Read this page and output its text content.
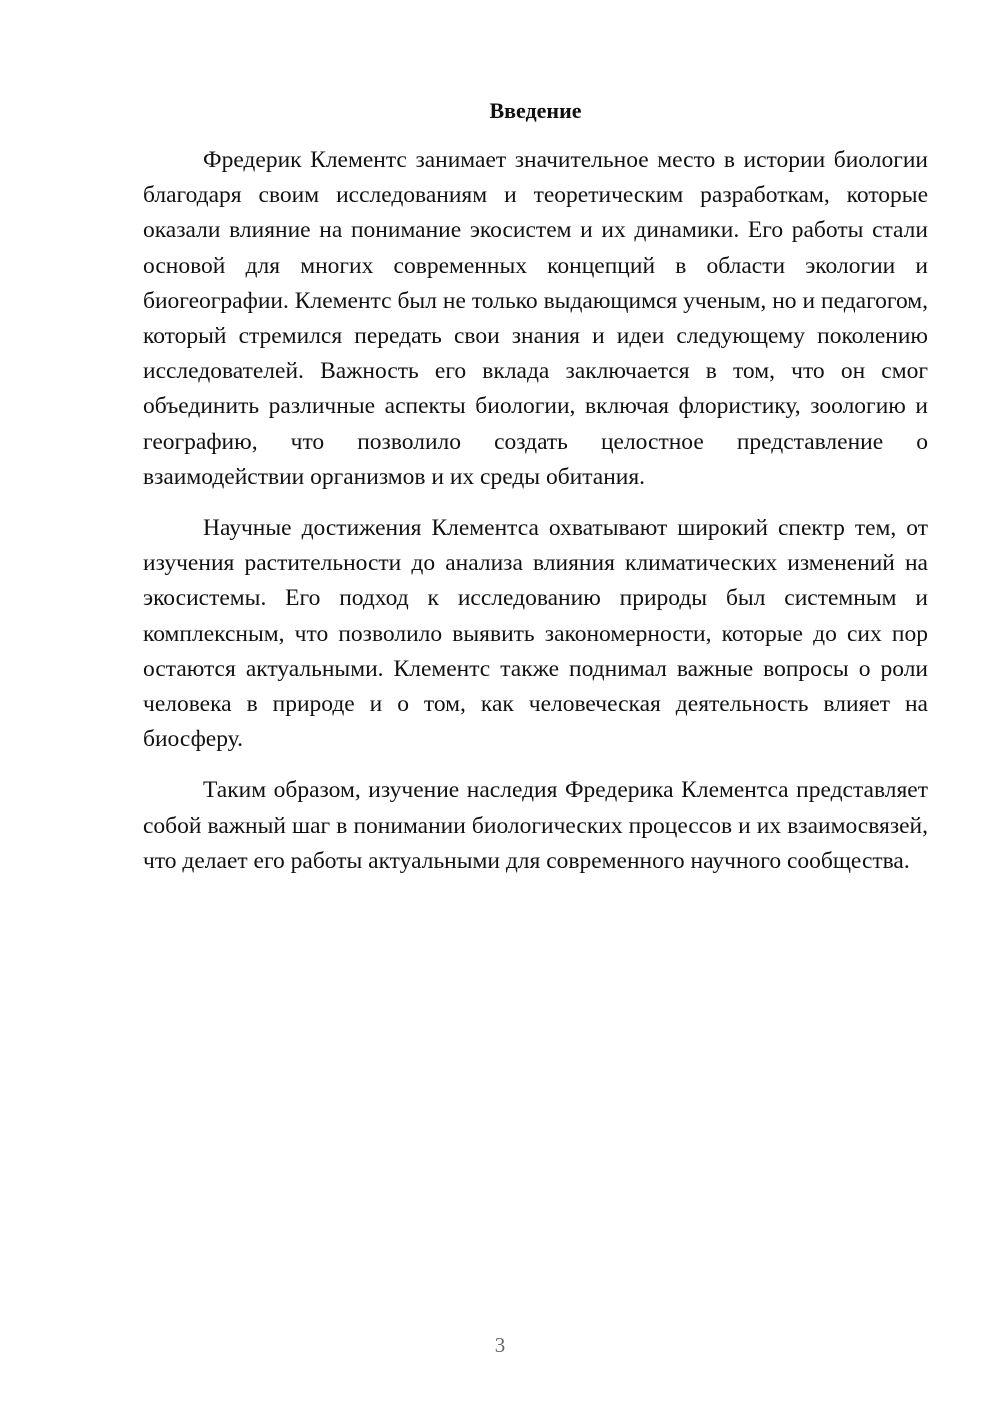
Введение

Фредерик Клементс занимает значительное место в истории биологии благодаря своим исследованиям и теоретическим разработкам, которые оказали влияние на понимание экосистем и их динамики. Его работы стали основой для многих современных концепций в области экологии и биогеографии. Клементс был не только выдающимся ученым, но и педагогом, который стремился передать свои знания и идеи следующему поколению исследователей. Важность его вклада заключается в том, что он смог объединить различные аспекты биологии, включая флористику, зоологию и географию, что позволило создать целостное представление о взаимодействии организмов и их среды обитания.

Научные достижения Клементса охватывают широкий спектр тем, от изучения растительности до анализа влияния климатических изменений на экосистемы. Его подход к исследованию природы был системным и комплексным, что позволило выявить закономерности, которые до сих пор остаются актуальными. Клементс также поднимал важные вопросы о роли человека в природе и о том, как человеческая деятельность влияет на биосферу.

Таким образом, изучение наследия Фредерика Клементса представляет собой важный шаг в понимании биологических процессов и их взаимосвязей, что делает его работы актуальными для современного научного сообщества.

3
